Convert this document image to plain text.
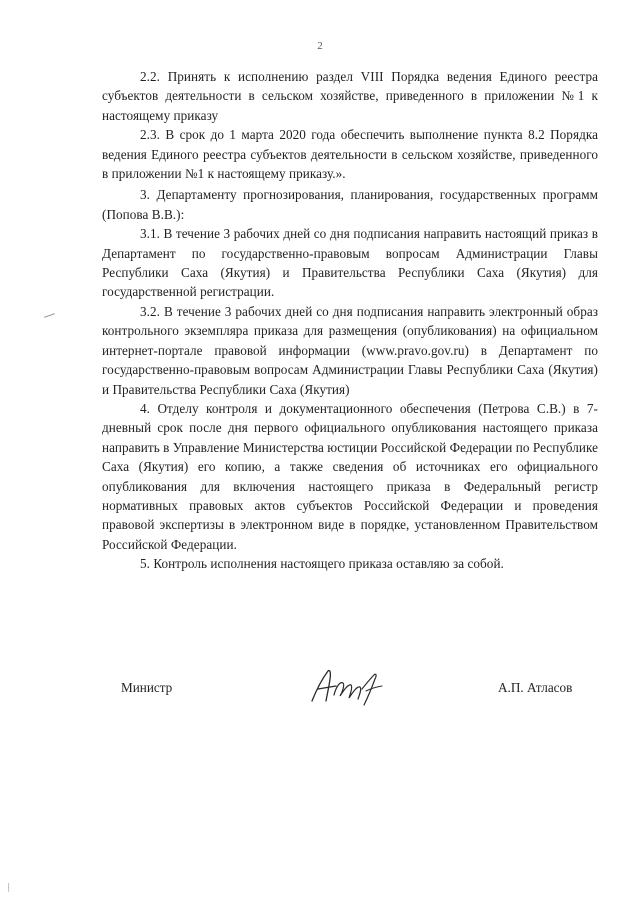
2

2.2. Принять к исполнению раздел VIII Порядка ведения Единого реестра субъектов деятельности в сельском хозяйстве, приведенного в приложении №1 к настоящему приказу

2.3. В срок до 1 марта 2020 года обеспечить выполнение пункта 8.2 Порядка ведения Единого реестра субъектов деятельности в сельском хозяйстве, приведенного в приложении №1 к настоящему приказу.».

3. Департаменту прогнозирования, планирования, государственных программ (Попова В.В.):

3.1. В течение 3 рабочих дней со дня подписания направить настоящий приказ в Департамент по государственно-правовым вопросам Администрации Главы Республики Саха (Якутия) и Правительства Республики Саха (Якутия) для государственной регистрации.

3.2. В течение 3 рабочих дней со дня подписания направить электронный образ контрольного экземпляра приказа для размещения (опубликования) на официальном интернет-портале правовой информации (www.pravo.gov.ru) в Департамент по государственно-правовым вопросам Администрации Главы Республики Саха (Якутия) и Правительства Республики Саха (Якутия)

4. Отделу контроля и документационного обеспечения (Петрова С.В.) в 7-дневный срок после дня первого официального опубликования настоящего приказа направить в Управление Министерства юстиции Российской Федерации по Республике Саха (Якутия) его копию, а также сведения об источниках его официального опубликования для включения настоящего приказа в Федеральный регистр нормативных правовых актов субъектов Российской Федерации и проведения правовой экспертизы в электронном виде в порядке, установленном Правительством Российской Федерации.

5. Контроль исполнения настоящего приказа оставляю за собой.

Министр	А.П. Атласов
╷
╵
